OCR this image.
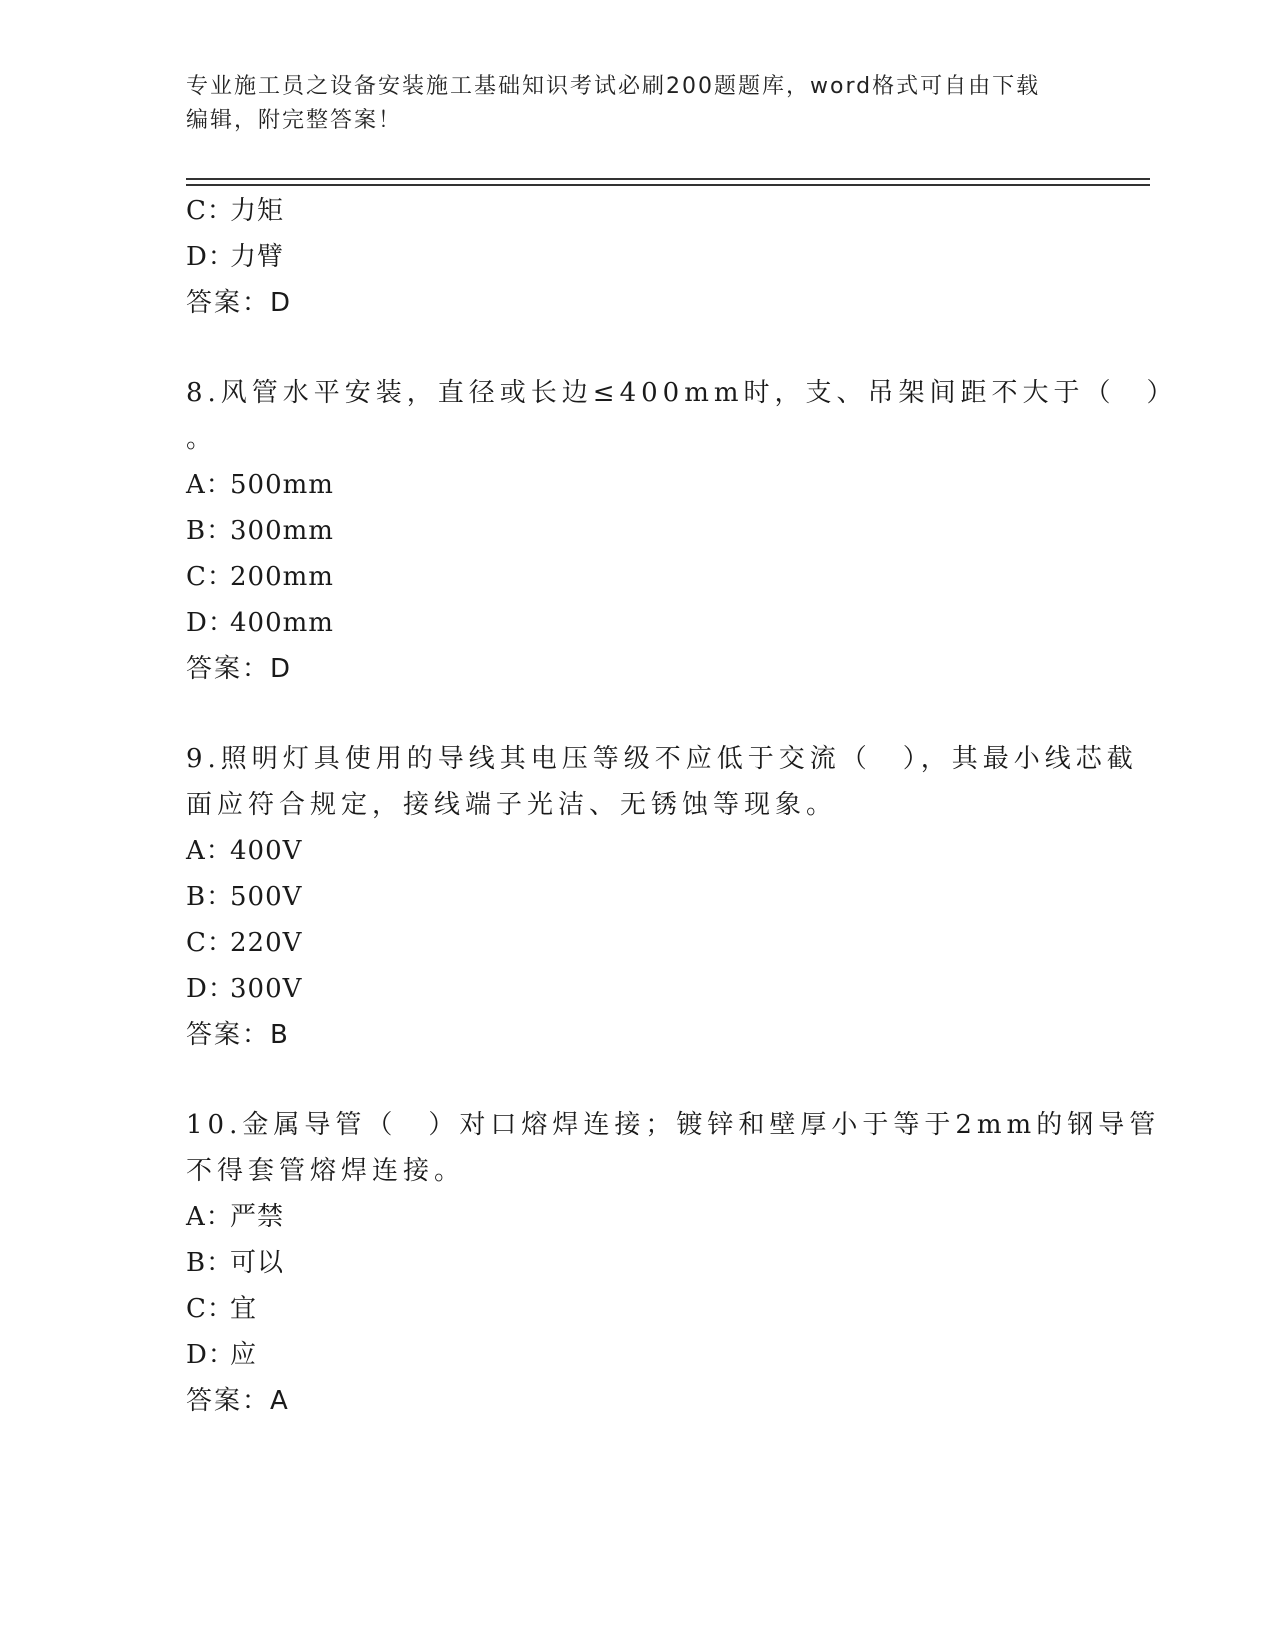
专业施工员之设备安装施工基础知识考试必刷200题题库，word格式可自由下载
编辑，附完整答案！
C：力矩
D：力臂
答案：D
8.风管水平安装，直径或长边≤400mm时，支、吊架间距不大于（　）
。
A：500mm
B：300mm
C：200mm
D：400mm
答案：D
9.照明灯具使用的导线其电压等级不应低于交流（　），其最小线芯截
面应符合规定，接线端子光洁、无锈蚀等现象。
A：400V
B：500V
C：220V
D：300V
答案：B
10.金属导管（　）对口熔焊连接；镀锌和壁厚小于等于2mm的钢导管
不得套管熔焊连接。
A：严禁
B：可以
C：宜
D：应
答案：A
